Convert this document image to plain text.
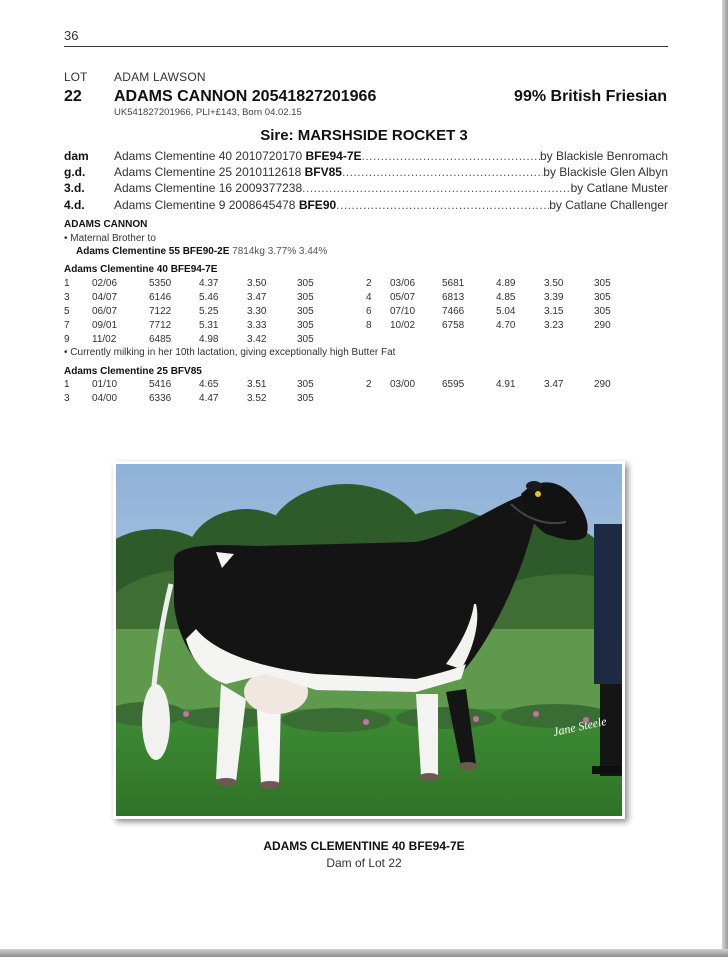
36
LOT ADAM LAWSON
22 ADAMS CANNON 20541827201966	99% British Friesian
UK541827201966, PLI+£143, Born 04.02.15
Sire: MARSHSIDE ROCKET 3
dam Adams Clementine 40 2010720170 BFE94-7E .....	by Blackisle Benromach
g.d. Adams Clementine 25 2010112618 BFV85 .....	by Blackisle Glen Albyn
3.d. Adams Clementine 16 2009377238 .....	by Catlane Muster
4.d. Adams Clementine 9 2008645478 BFE90 .....	by Catlane Challenger
ADAMS CANNON
• Maternal Brother to
Adams Clementine 55 BFE90-2E 7814kg 3.77% 3.44%
Adams Clementine 40 BFE94-7E
1 02/06	5350	4.37	3.50	305	2 03/06	5681	4.89	3.50	305
3 04/07	6146	5.46	3.47	305	4 05/07	6813	4.85	3.39	305
5 06/07	7122	5.25	3.30	305	6 07/10	7466	5.04	3.15	305
7 09/01	7712	5.31	3.33	305	8 10/02	6758	4.70	3.23	290
9 11/02	6485	4.98	3.42	305
• Currently milking in her 10th lactation, giving exceptionally high Butter Fat
Adams Clementine 25 BFV85
1 01/10	5416	4.65	3.51	305	2 03/00	6595	4.91	3.47	290
3 04/00	6336	4.47	3.52	305
Jane Steele
ADAMS CLEMENTINE 40 BFE94-7E
Dam of Lot 22
